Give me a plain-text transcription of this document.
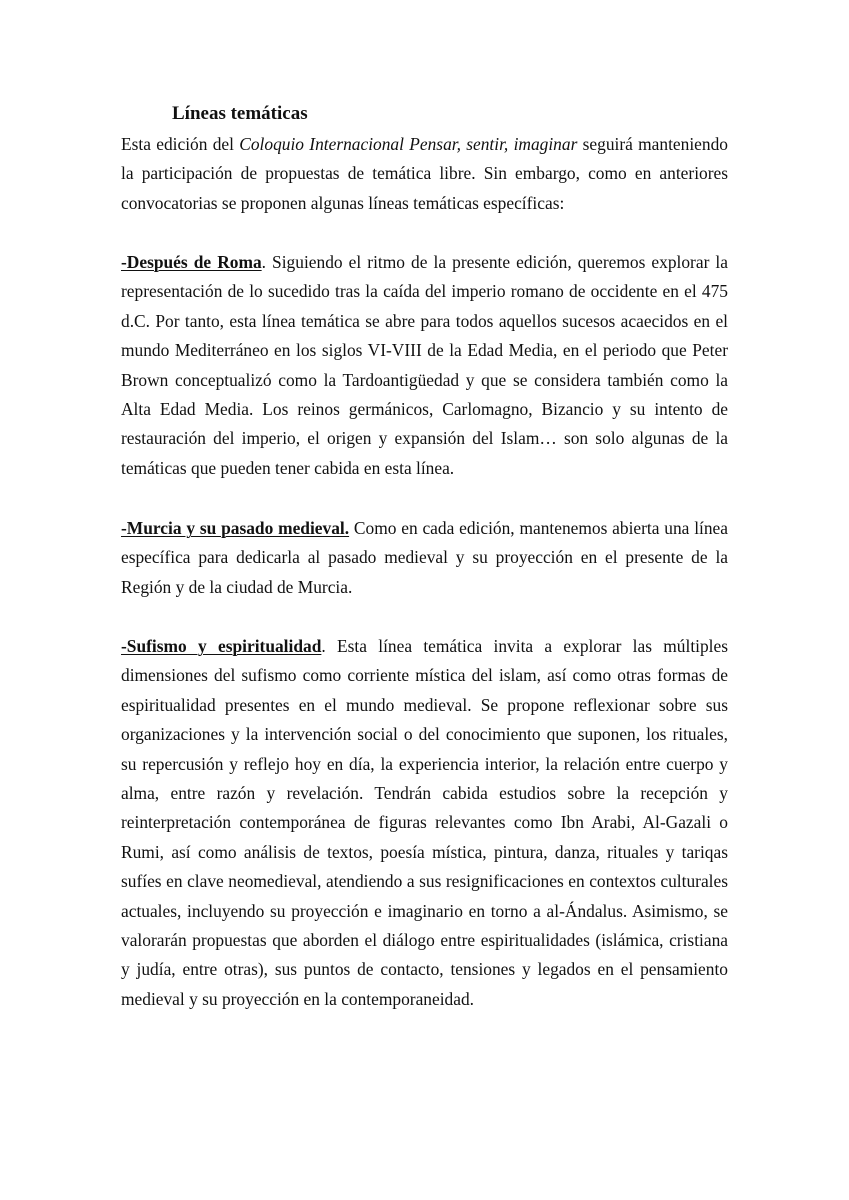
Líneas temáticas

Esta edición del Coloquio Internacional Pensar, sentir, imaginar seguirá manteniendo la participación de propuestas de temática libre. Sin embargo, como en anteriores convocatorias se proponen algunas líneas temáticas específicas:

-Después de Roma. Siguiendo el ritmo de la presente edición, queremos explorar la representación de lo sucedido tras la caída del imperio romano de occidente en el 475 d.C. Por tanto, esta línea temática se abre para todos aquellos sucesos acaecidos en el mundo Mediterráneo en los siglos VI-VIII de la Edad Media, en el periodo que Peter Brown conceptualizó como la Tardoantigüedad y que se considera también como la Alta Edad Media. Los reinos germánicos, Carlomagno, Bizancio y su intento de restauración del imperio, el origen y expansión del Islam… son solo algunas de la temáticas que pueden tener cabida en esta línea.

-Murcia y su pasado medieval. Como en cada edición, mantenemos abierta una línea específica para dedicarla al pasado medieval y su proyección en el presente de la Región y de la ciudad de Murcia.

-Sufismo y espiritualidad. Esta línea temática invita a explorar las múltiples dimensiones del sufismo como corriente mística del islam, así como otras formas de espiritualidad presentes en el mundo medieval. Se propone reflexionar sobre sus organizaciones y la intervención social o del conocimiento que suponen, los rituales, su repercusión y reflejo hoy en día, la experiencia interior, la relación entre cuerpo y alma, entre razón y revelación. Tendrán cabida estudios sobre la recepción y reinterpretación contemporánea de figuras relevantes como Ibn Arabi, Al-Gazali o Rumi, así como análisis de textos, poesía mística, pintura, danza, rituales y tariqas sufíes en clave neomedieval, atendiendo a sus resignificaciones en contextos culturales actuales, incluyendo su proyección e imaginario en torno a al-Ándalus. Asimismo, se valorarán propuestas que aborden el diálogo entre espiritualidades (islámica, cristiana y judía, entre otras), sus puntos de contacto, tensiones y legados en el pensamiento medieval y su proyección en la contemporaneidad.
